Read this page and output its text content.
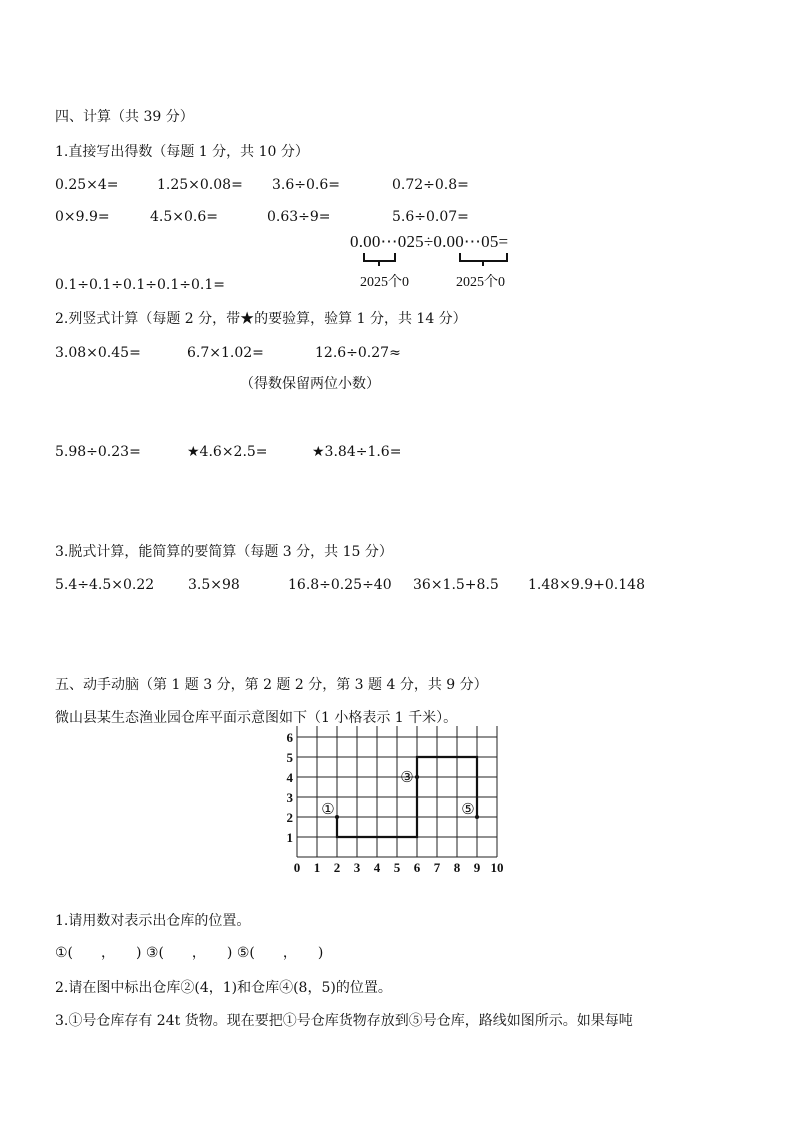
四、计算（共 39 分）
1.直接写出得数（每题 1 分，共 10 分）
0.25×4=	1.25×0.08= 3.6÷0.6=	0.72÷0.8=
0×9.9=	4.5×0.6=	0.63÷9=	5.6÷0.07=
0.00⋯025÷0.00⋯05=
2025个0	2025个0
0.1÷0.1÷0.1÷0.1÷0.1=
2.列竖式计算（每题 2 分，带★的要验算，验算 1 分，共 14 分）
3.08×0.45=	6.7×1.02=	12.6÷0.27≈
（得数保留两位小数）
5.98÷0.23=	★4.6×2.5=	★3.84÷1.6=
3.脱式计算，能简算的要简算（每题 3 分，共 15 分）
5.4÷4.5×0.22 3.5×98	16.8÷0.25÷40 36×1.5+8.5 1.48×9.9+0.148
五、动手动脑（第 1 题 3 分，第 2 题 2 分，第 3 题 4 分，共 9 分）
微山县某生态渔业园仓库平面示意图如下（1 小格表示 1 千米）。
0 1 2 3 4 5 6 7 8 9 10
1
2
3
4
5
6
①
③
⑤
1.请用数对表示出仓库的位置。
①(　　，　　) ③(　　，　　) ⑤(　　，　　)
2.请在图中标出仓库②(4，1)和仓库④(8，5)的位置。
3.①号仓库存有 24t 货物。现在要把①号仓库货物存放到⑤号仓库，路线如图所示。如果每吨
